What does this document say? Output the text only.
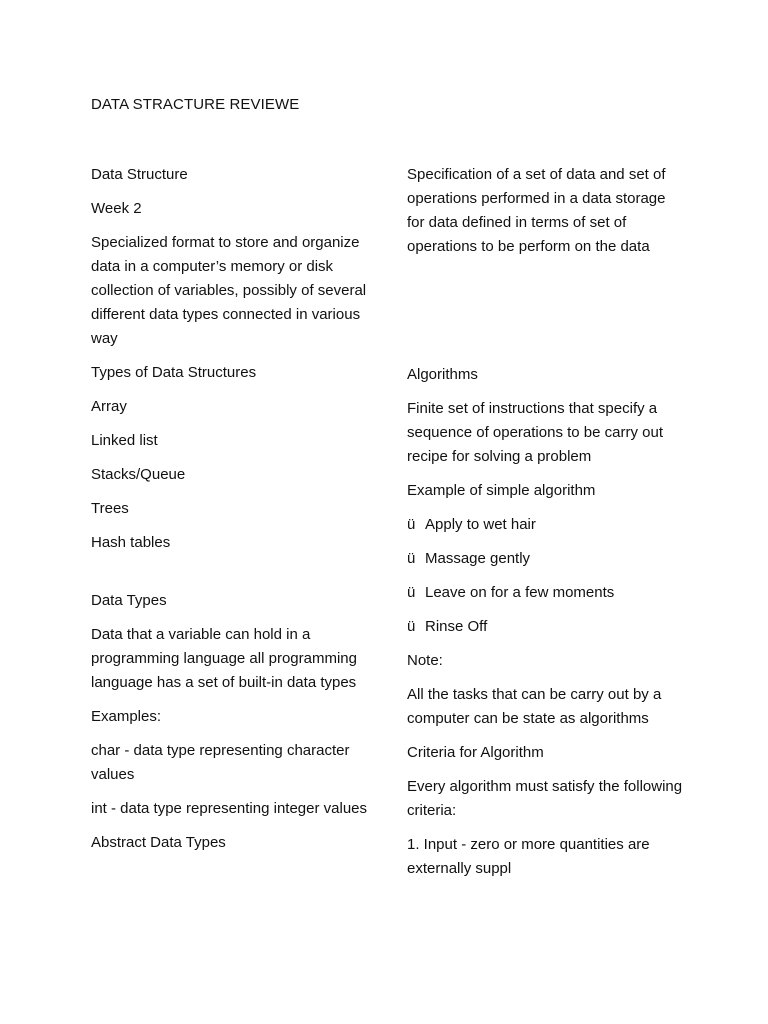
DATA STRACTURE REVIEWE

Data Structure

Week 2

Specialized format to store and organize data in a computer’s memory or disk collection of variables, possibly of several different data types connected in various way

Types of Data Structures

Array

Linked list

Stacks/Queue

Trees

Hash tables

Data Types

Data that a variable can hold in a programming language all programming language has a set of built-in data types

Examples:

char - data type representing character values

int - data type representing integer values

Abstract Data Types

Specification of a set of data and set of operations performed in a data storage for data defined in terms of set of operations to be perform on the data

Algorithms

Finite set of instructions that specify a sequence of operations to be carry out recipe for solving a problem

Example of simple algorithm

ü Apply to wet hair

ü Massage gently

ü Leave on for a few moments

ü Rinse Off

Note:

All the tasks that can be carry out by a computer can be state as algorithms

Criteria for Algorithm

Every algorithm must satisfy the following criteria:

1. Input - zero or more quantities are externally suppl
